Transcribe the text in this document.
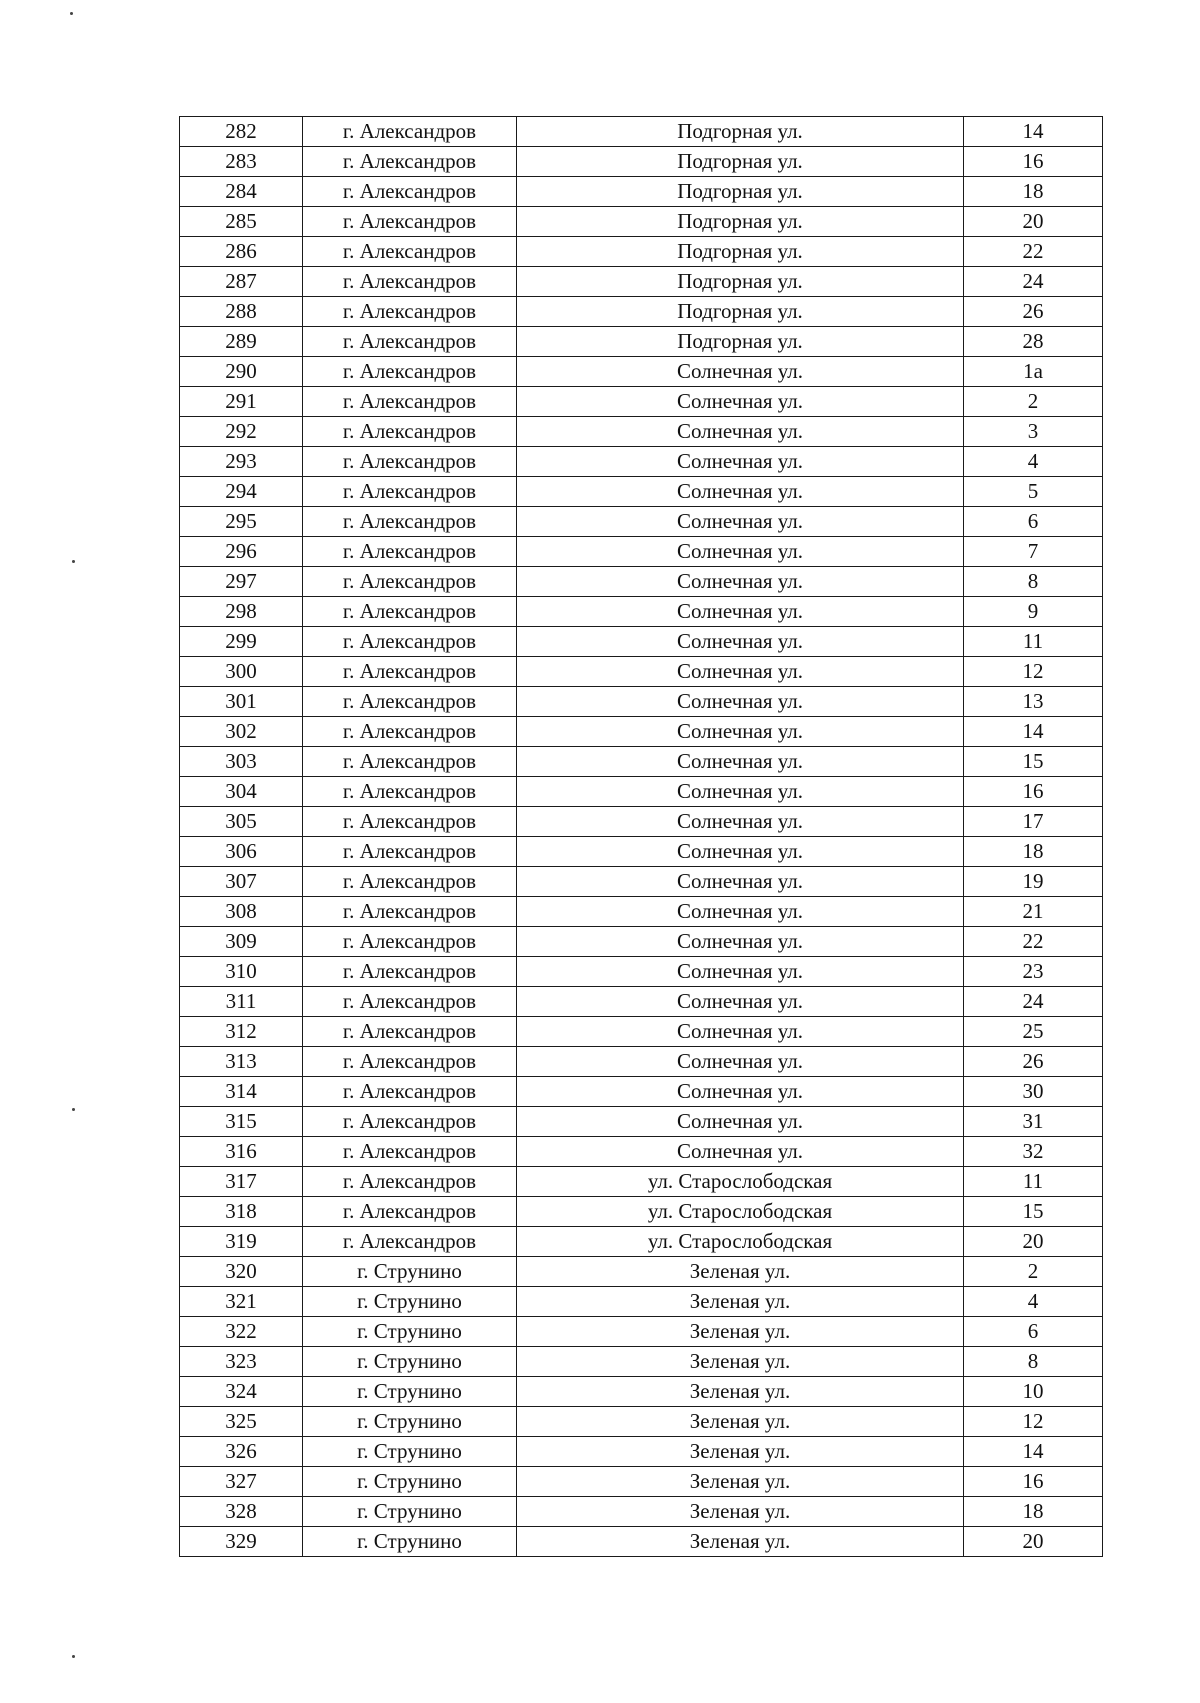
282	г. Александров	Подгорная ул.	14
283	г. Александров	Подгорная ул.	16
284	г. Александров	Подгорная ул.	18
285	г. Александров	Подгорная ул.	20
286	г. Александров	Подгорная ул.	22
287	г. Александров	Подгорная ул.	24
288	г. Александров	Подгорная ул.	26
289	г. Александров	Подгорная ул.	28
290	г. Александров	Солнечная ул.	1а
291	г. Александров	Солнечная ул.	2
292	г. Александров	Солнечная ул.	3
293	г. Александров	Солнечная ул.	4
294	г. Александров	Солнечная ул.	5
295	г. Александров	Солнечная ул.	6
296	г. Александров	Солнечная ул.	7
297	г. Александров	Солнечная ул.	8
298	г. Александров	Солнечная ул.	9
299	г. Александров	Солнечная ул.	11
300	г. Александров	Солнечная ул.	12
301	г. Александров	Солнечная ул.	13
302	г. Александров	Солнечная ул.	14
303	г. Александров	Солнечная ул.	15
304	г. Александров	Солнечная ул.	16
305	г. Александров	Солнечная ул.	17
306	г. Александров	Солнечная ул.	18
307	г. Александров	Солнечная ул.	19
308	г. Александров	Солнечная ул.	21
309	г. Александров	Солнечная ул.	22
310	г. Александров	Солнечная ул.	23
311	г. Александров	Солнечная ул.	24
312	г. Александров	Солнечная ул.	25
313	г. Александров	Солнечная ул.	26
314	г. Александров	Солнечная ул.	30
315	г. Александров	Солнечная ул.	31
316	г. Александров	Солнечная ул.	32
317	г. Александров	ул. Старослободская	11
318	г. Александров	ул. Старослободская	15
319	г. Александров	ул. Старослободская	20
320	г. Струнино	Зеленая ул.	2
321	г. Струнино	Зеленая ул.	4
322	г. Струнино	Зеленая ул.	6
323	г. Струнино	Зеленая ул.	8
324	г. Струнино	Зеленая ул.	10
325	г. Струнино	Зеленая ул.	12
326	г. Струнино	Зеленая ул.	14
327	г. Струнино	Зеленая ул.	16
328	г. Струнино	Зеленая ул.	18
329	г. Струнино	Зеленая ул.	20
